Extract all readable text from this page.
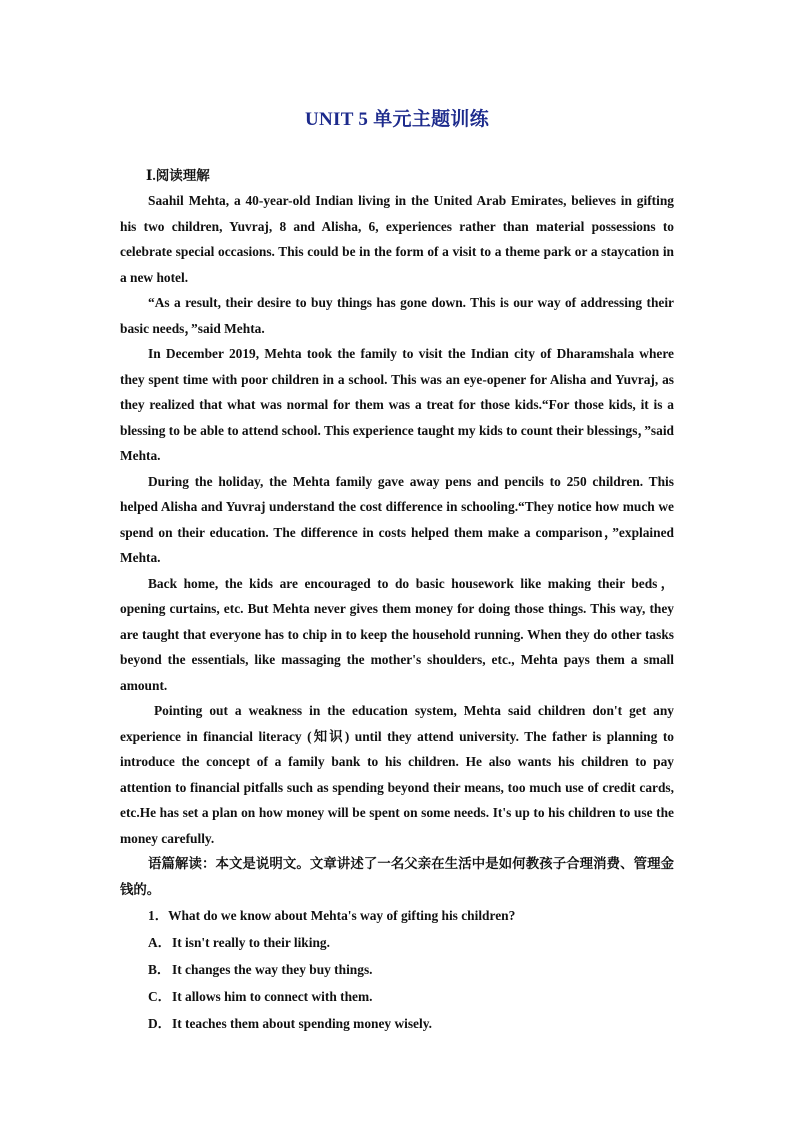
UNIT 5 单元主题训练

Ⅰ.阅读理解

Saahil Mehta, a 40-year-old Indian living in the United Arab Emirates, believes in gifting his two children, Yuvraj, 8 and Alisha, 6, experiences rather than material possessions to celebrate special occasions. This could be in the form of a visit to a theme park or a staycation in a new hotel.

“As a result, their desire to buy things has gone down. This is our way of addressing their basic needs，”said Mehta.

In December 2019, Mehta took the family to visit the Indian city of Dharamshala where they spent time with poor children in a school. This was an eye-opener for Alisha and Yuvraj, as they realized that what was normal for them was a treat for those kids.“For those kids, it is a blessing to be able to attend school. This experience taught my kids to count their blessings，”said Mehta.

During the holiday, the Mehta family gave away pens and pencils to 250 children. This helped Alisha and Yuvraj understand the cost difference in schooling.“They notice how much we spend on their education. The difference in costs helped them make a comparison，”explained Mehta.

Back home, the kids are encouraged to do basic housework like making their beds，opening curtains, etc. But Mehta never gives them money for doing those things. This way, they are taught that everyone has to chip in to keep the household running. When they do other tasks beyond the essentials, like massaging the mother's shoulders, etc., Mehta pays them a small amount.

Pointing out a weakness in the education system, Mehta said children don't get any experience in financial literacy (知识) until they attend university. The father is planning to introduce the concept of a family bank to his children. He also wants his children to pay attention to financial pitfalls such as spending beyond their means, too much use of credit cards, etc.He has set a plan on how money will be spent on some needs. It's up to his children to use the money carefully.

语篇解读：本文是说明文。文章讲述了一名父亲在生活中是如何教孩子合理消费、管理金钱的。

1．What do we know about Mehta's way of gifting his children?

A．It isn't really to their liking.

B． It changes the way they buy things.

C．It allows him to connect with them.

D．It teaches them about spending money wisely.
